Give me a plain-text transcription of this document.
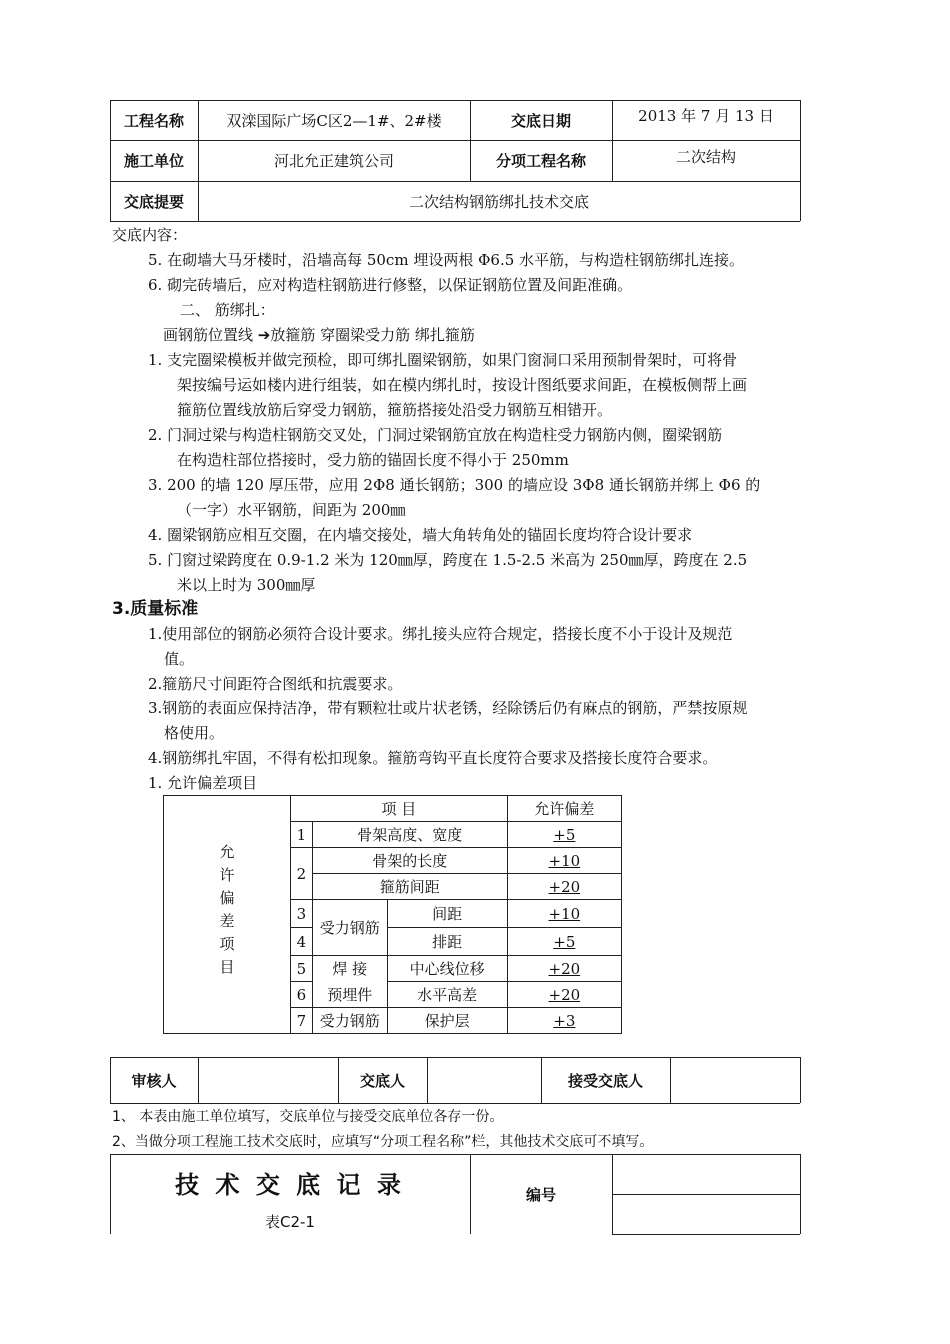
工程名称	双滦国际广场C区2—1#、2#楼	交底日期	2013 年 7 月 13 日
施工单位	河北允正建筑公司	分项工程名称	二次结构
交底提要	二次结构钢筋绑扎技术交底
交底内容：
5. 在砌墙大马牙楼时，沿墙高每 50cm 埋设两根 Φ6.5 水平筋，与构造柱钢筋绑扎连接。
6. 砌完砖墙后，应对构造柱钢筋进行修整，以保证钢筋位置及间距准确。
二、 筋绑扎：
画钢筋位置线 ➔放箍筋 穿圈梁受力筋 绑扎箍筋
1. 支完圈梁模板并做完预检，即可绑扎圈梁钢筋，如果门窗洞口采用预制骨架时，可将骨
架按编号运如楼内进行组装，如在模内绑扎时，按设计图纸要求间距，在模板侧帮上画
箍筋位置线放筋后穿受力钢筋，箍筋搭接处沿受力钢筋互相错开。
2. 门洞过梁与构造柱钢筋交叉处，门洞过梁钢筋宜放在构造柱受力钢筋内侧，圈梁钢筋
在构造柱部位搭接时，受力筋的锚固长度不得小于 250mm
3. 200 的墙 120 厚压带，应用 2Φ8 通长钢筋；300 的墙应设 3Φ8 通长钢筋并绑上 Φ6 的
（一字）水平钢筋，间距为 200㎜
4. 圈梁钢筋应相互交圈，在内墙交接处，墙大角转角处的锚固长度均符合设计要求
5. 门窗过梁跨度在 0.9-1.2 米为 120㎜厚，跨度在 1.5-2.5 米高为 250㎜厚，跨度在 2.5
米以上时为 300㎜厚
3.质量标准
1.使用部位的钢筋必须符合设计要求。绑扎接头应符合规定，搭接长度不小于设计及规范
值。
2.箍筋尺寸间距符合图纸和抗震要求。
3.钢筋的表面应保持洁净，带有颗粒壮或片状老锈，经除锈后仍有麻点的钢筋，严禁按原规
格使用。
4.钢筋绑扎牢固，不得有松扣现象。箍筋弯钩平直长度符合要求及搭接长度符合要求。
1. 允许偏差项目
允许偏差项目	项 目			允许偏差
	1	骨架高度、宽度		+5
	2	骨架的长度		+10
		箍筋间距		+20
	3	受力钢筋	间距	+10
	4		排距	+5
	5	焊 接	中心线位移	+20
	6	预埋件	水平高差	+20
	7	受力钢筋	保护层	+3
审核人	交底人	接受交底人
1、 本表由施工单位填写，交底单位与接受交底单位各存一份。
2、当做分项工程施工技术交底时，应填写“分项工程名称”栏，其他技术交底可不填写。
技 术 交 底 记 录
表C2-1
编号
